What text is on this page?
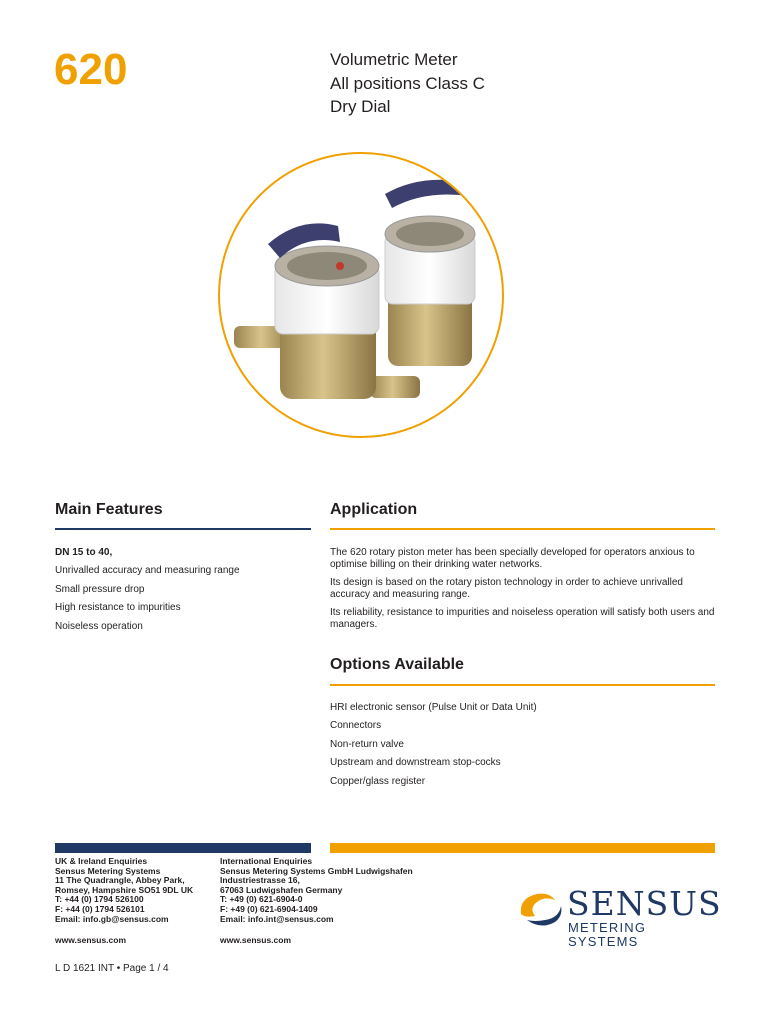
620	Volumetric Meter
All positions Class C
Dry Dial
Main Features
DN 15 to 40,
Unrivalled accuracy and measuring range
Small pressure drop
High resistance to impurities
Noiseless operation
Application
The 620 rotary piston meter has been specially developed for operators anxious to optimise billing on their drinking water networks.
Its design is based on the rotary piston technology in order to achieve unrivalled accuracy and measuring range.
Its reliability, resistance to impurities and noiseless operation will satisfy both users and managers.
Options Available
HRI electronic sensor (Pulse Unit or Data Unit)
Connectors
Non-return valve
Upstream and downstream stop-cocks
Copper/glass register
UK & Ireland Enquiries
Sensus Metering Systems
11 The Quadrangle, Abbey Park,
Romsey, Hampshire SO51 9DL UK
T: +44 (0) 1794 526100
F: +44 (0) 1794 526101
Email: info.gb@sensus.com
www.sensus.com
International Enquiries
Sensus Metering Systems GmbH Ludwigshafen
Industriestrasse 16,
67063 Ludwigshafen Germany
T: +49 (0) 621-6904-0
F: +49 (0) 621-6904-1409
Email: info.int@sensus.com
www.sensus.com
SENSUS
METERING SYSTEMS
L D 1621 INT • Page 1 / 4
